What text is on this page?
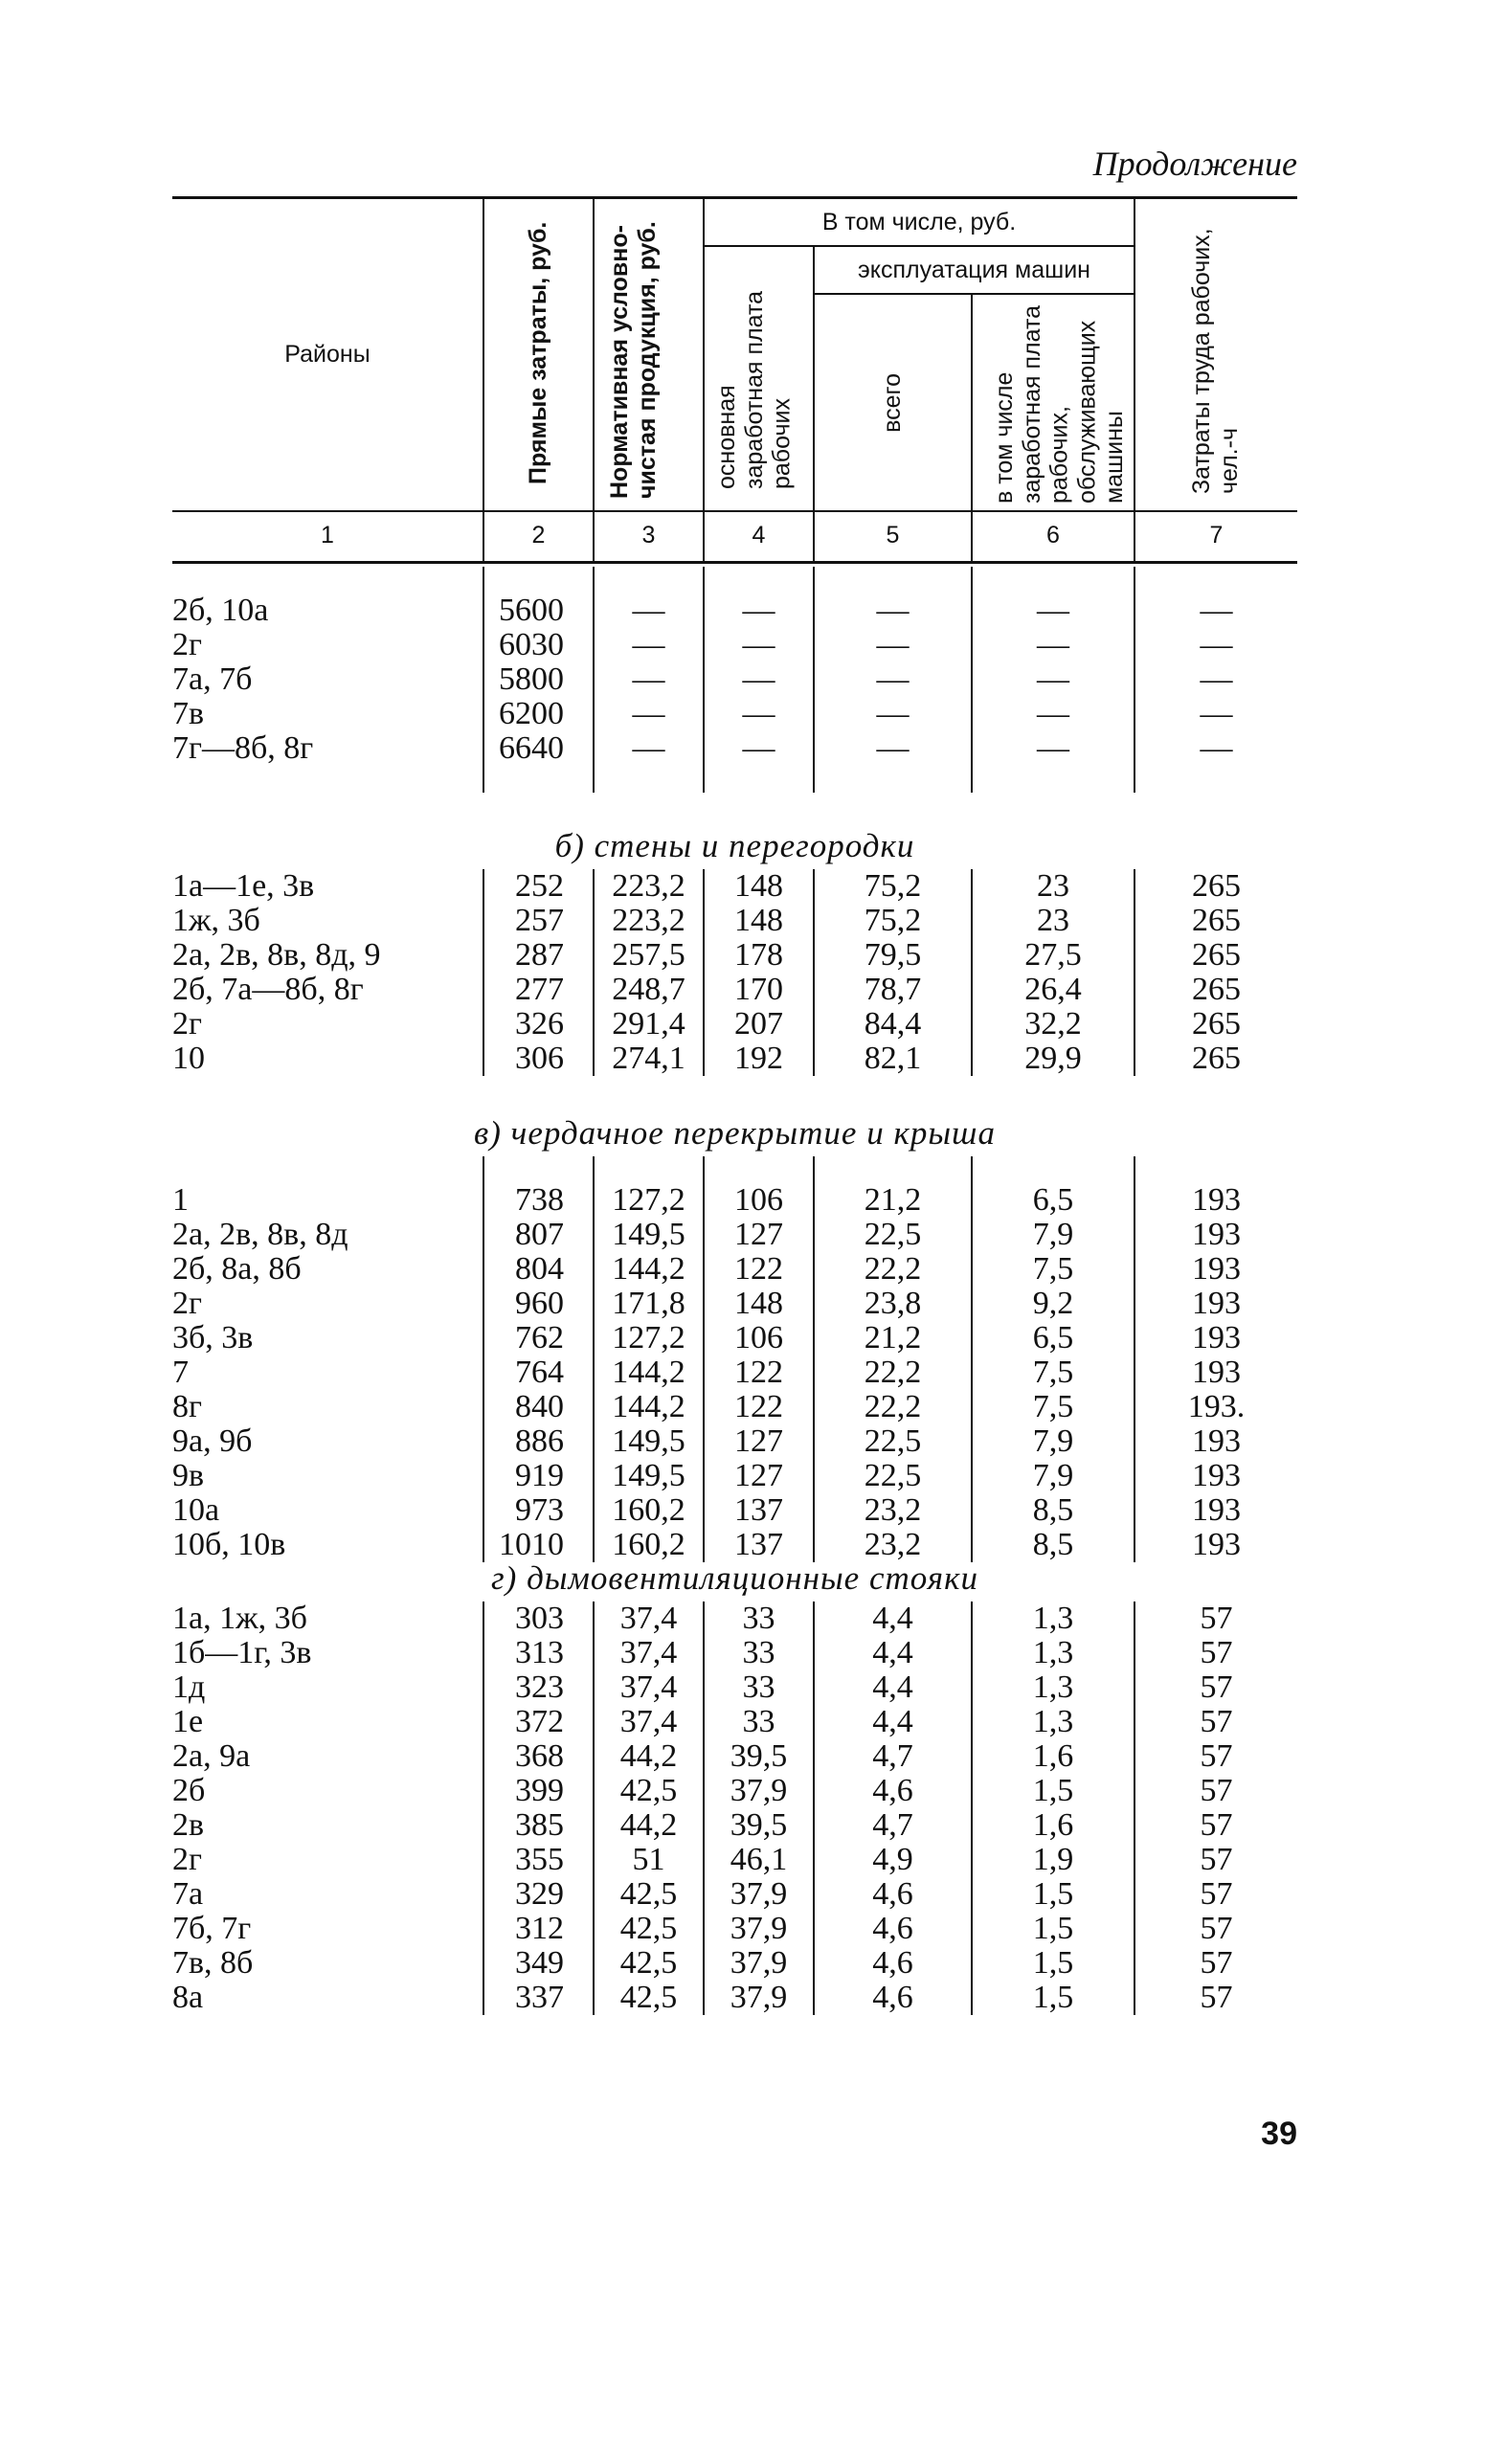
Продолжение
Районы	Прямые затраты, руб.	Нормативная условно-чистая продукция, руб.	В том числе, руб.			Затраты труда рабочих, чел.-ч

			основная заработная плата рабочих	эксплуатация машин		

				всего	в том числе заработная плата рабочих, обслуживающих машины	

1	2	3	4	5	6	7

2б, 10а	5600	—	—	—	—	—
2г	6030	—	—	—	—	—
7а, 7б	5800	—	—	—	—	—
7в	6200	—	—	—	—	—
7г—8б, 8г	6640	—	—	—	—	—

б) стены и перегородки
1а—1е, 3в	252	223,2	148	75,2	23	265
1ж, 3б	257	223,2	148	75,2	23	265
2а, 2в, 8в, 8д, 9	287	257,5	178	79,5	27,5	265
2б, 7а—8б, 8г	277	248,7	170	78,7	26,4	265
2г	326	291,4	207	84,4	32,2	265
10	306	274,1	192	82,1	29,9	265
в) чердачное перекрытие и крыша

1	738	127,2	106	21,2	6,5	193
2а, 2в, 8в, 8д	807	149,5	127	22,5	7,9	193
2б, 8а, 8б	804	144,2	122	22,2	7,5	193
2г	960	171,8	148	23,8	9,2	193
3б, 3в	762	127,2	106	21,2	6,5	193
7	764	144,2	122	22,2	7,5	193
8г	840	144,2	122	22,2	7,5	193.
9а, 9б	886	149,5	127	22,5	7,9	193
9в	919	149,5	127	22,5	7,9	193
10а	973	160,2	137	23,2	8,5	193
10б, 10в	1010	160,2	137	23,2	8,5	193
г) дымовентиляционные стояки
1а, 1ж, 3б	303	37,4	33	4,4	1,3	57
1б—1г, 3в	313	37,4	33	4,4	1,3	57
1д	323	37,4	33	4,4	1,3	57
1е	372	37,4	33	4,4	1,3	57
2а, 9а	368	44,2	39,5	4,7	1,6	57
2б	399	42,5	37,9	4,6	1,5	57
2в	385	44,2	39,5	4,7	1,6	57
2г	355	51	46,1	4,9	1,9	57
7а	329	42,5	37,9	4,6	1,5	57
7б, 7г	312	42,5	37,9	4,6	1,5	57
7в, 8б	349	42,5	37,9	4,6	1,5	57
8а	337	42,5	37,9	4,6	1,5	57
39
